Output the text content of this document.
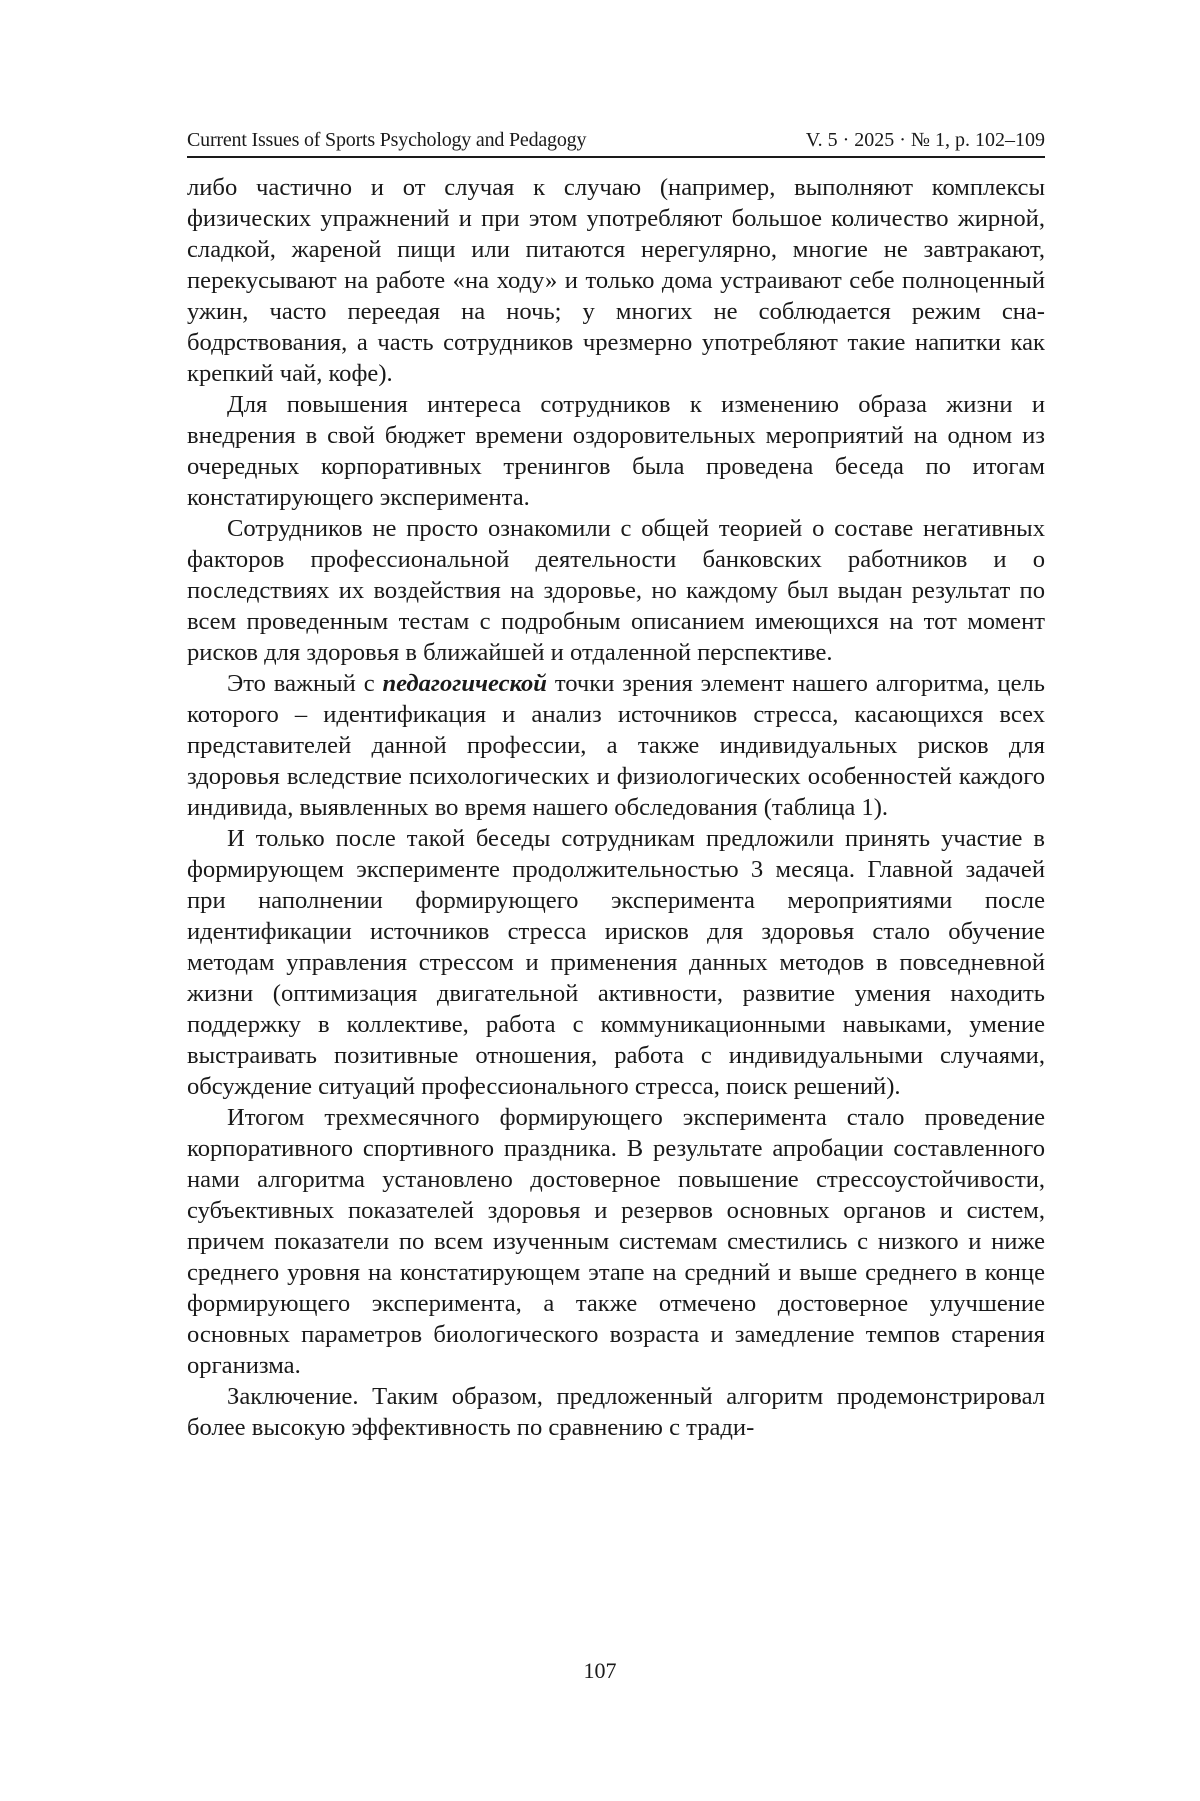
Current Issues of Sports Psychology and Pedagogy	V. 5 · 2025 · № 1, p. 102–109

либо частично и от случая к случаю (например, выполняют комплексы физических упражнений и при этом употребляют большое количество жирной, сладкой, жареной пищи или питаются нерегулярно, многие не завтракают, перекусывают на работе «на ходу» и только дома устраивают себе полноценный ужин, часто переедая на ночь; у многих не соблюдается режим сна-бодрствования, а часть сотрудников чрезмерно употребляют такие напитки как крепкий чай, кофе).

Для повышения интереса сотрудников к изменению образа жизни и внедрения в свой бюджет времени оздоровительных мероприятий на одном из очередных корпоративных тренингов была проведена беседа по итогам констатирующего эксперимента.

Сотрудников не просто ознакомили с общей теорией о составе негативных факторов профессиональной деятельности банковских работников и о последствиях их воздействия на здоровье, но каждому был выдан результат по всем проведенным тестам с подробным описанием имеющихся на тот момент рисков для здоровья в ближайшей и отдаленной перспективе.

Это важный с педагогической точки зрения элемент нашего алгоритма, цель которого – идентификация и анализ источников стресса, касающихся всех представителей данной профессии, а также индивидуальных рисков для здоровья вследствие психологических и физиологических особенностей каждого индивида, выявленных во время нашего обследования (таблица 1).

И только после такой беседы сотрудникам предложили принять участие в формирующем эксперименте продолжительностью 3 месяца. Главной задачей при наполнении формирующего эксперимента мероприятиями после идентификации источников стресса ирисков для здоровья стало обучение методам управления стрессом и применения данных методов в повседневной жизни (оптимизация двигательной активности, развитие умения находить поддержку в коллективе, работа с коммуникационными навыками, умение выстраивать позитивные отношения, работа с индивидуальными случаями, обсуждение ситуаций профессионального стресса, поиск решений).

Итогом трехмесячного формирующего эксперимента стало проведение корпоративного спортивного праздника. В результате апробации составленного нами алгоритма установлено достоверное повышение стрессоустойчивости, субъективных показателей здоровья и резервов основных органов и систем, причем показатели по всем изученным системам сместились с низкого и ниже среднего уровня на констатирующем этапе на средний и выше среднего в конце формирующего эксперимента, а также отмечено достоверное улучшение основных параметров биологического возраста и замедление темпов старения организма.

Заключение. Таким образом, предложенный алгоритм продемонстрировал более высокую эффективность по сравнению с тради-

107
